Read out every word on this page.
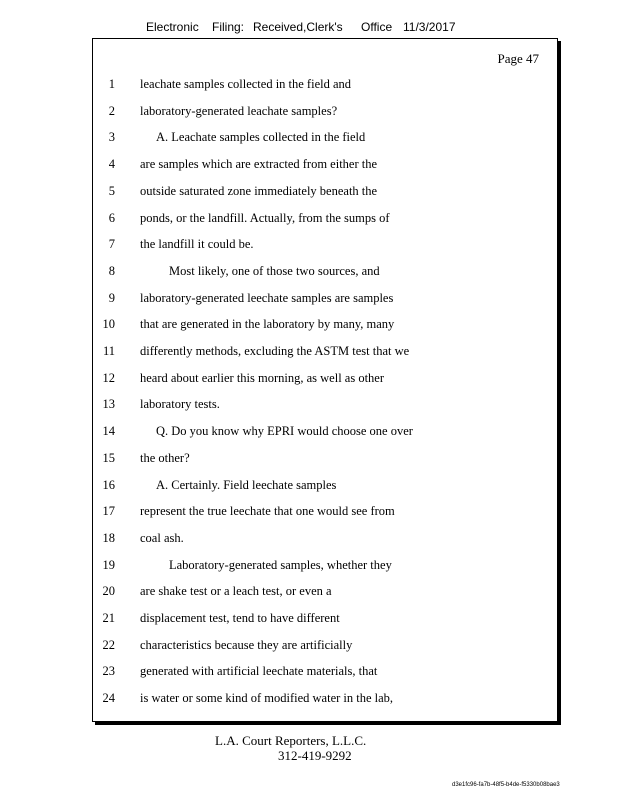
Electronic Filing: Received,Clerk's Office 11/3/2017
Page 47
1 leachate samples collected in the field and
2 laboratory-generated leachate samples?
3	A. Leachate samples collected in the field
4 are samples which are extracted from either the
5 outside saturated zone immediately beneath the
6 ponds, or the landfill. Actually, from the sumps of
7 the landfill it could be.
8	Most likely, one of those two sources, and
9 laboratory-generated leechate samples are samples
10 that are generated in the laboratory by many, many
11 differently methods, excluding the ASTM test that we
12 heard about earlier this morning, as well as other
13 laboratory tests.
14	Q. Do you know why EPRI would choose one over
15 the other?
16	A. Certainly. Field leechate samples
17 represent the true leechate that one would see from
18 coal ash.
19	Laboratory-generated samples, whether they
20 are shake test or a leach test, or even a
21 displacement test, tend to have different
22 characteristics because they are artificially
23 generated with artificial leechate materials, that
24 is water or some kind of modified water in the lab,
L.A. Court Reporters, L.L.C.
312-419-9292
d3e1fc96-fa7b-48f5-b4de-f5330b08bae3
